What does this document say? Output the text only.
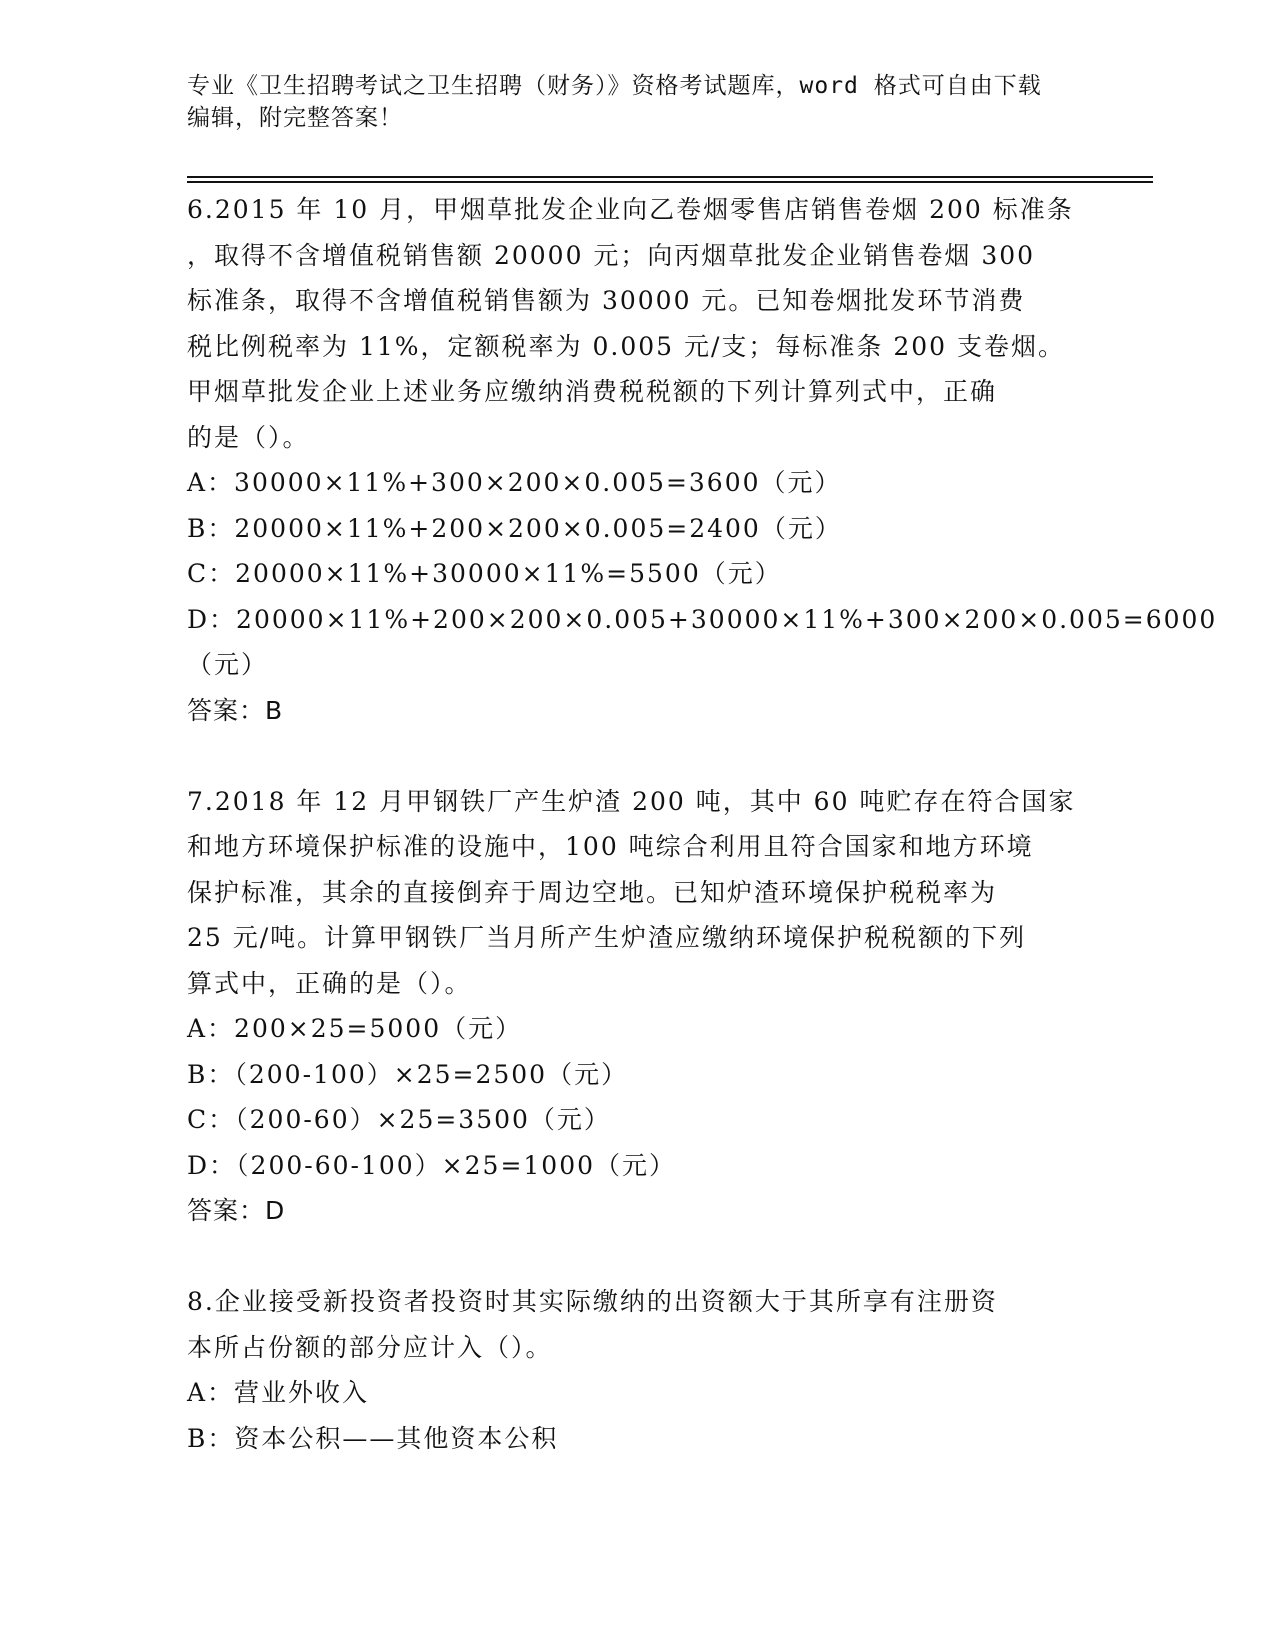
专业《卫生招聘考试之卫生招聘（财务）》资格考试题库，word 格式可自由下载

编辑，附完整答案！

6.2015 年 10 月，甲烟草批发企业向乙卷烟零售店销售卷烟 200 标准条

，取得不含增值税销售额 20000 元；向丙烟草批发企业销售卷烟 300

标准条，取得不含增值税销售额为 30000 元。已知卷烟批发环节消费

税比例税率为 11%，定额税率为 0.005 元/支；每标准条 200 支卷烟。

甲烟草批发企业上述业务应缴纳消费税税额的下列计算列式中，正确

的是（）。

A：30000×11%+300×200×0.005=3600（元）

B：20000×11%+200×200×0.005=2400（元）

C：20000×11%+30000×11%=5500（元）

D：20000×11%+200×200×0.005+30000×11%+300×200×0.005=6000

（元）

答案：B

7.2018 年 12 月甲钢铁厂产生炉渣 200 吨，其中 60 吨贮存在符合国家

和地方环境保护标准的设施中，100 吨综合利用且符合国家和地方环境

保护标准，其余的直接倒弃于周边空地。已知炉渣环境保护税税率为

25 元/吨。计算甲钢铁厂当月所产生炉渣应缴纳环境保护税税额的下列

算式中，正确的是（）。

A：200×25=5000（元）

B：（200-100）×25=2500（元）

C：（200-60）×25=3500（元）

D：（200-60-100）×25=1000（元）

答案：D

8.企业接受新投资者投资时其实际缴纳的出资额大于其所享有注册资

本所占份额的部分应计入（）。

A：营业外收入

B：资本公积——其他资本公积
